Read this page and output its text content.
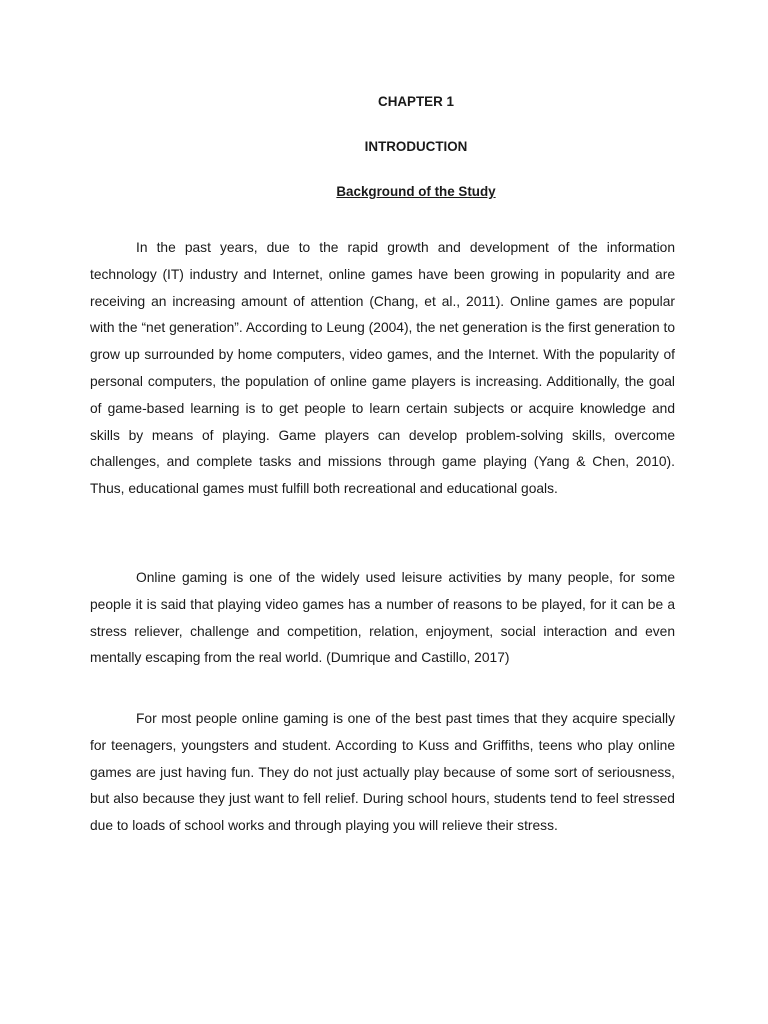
CHAPTER 1
INTRODUCTION
Background of the Study

In the past years, due to the rapid growth and development of the information technology (IT) industry and Internet, online games have been growing in popularity and are receiving an increasing amount of attention (Chang, et al., 2011). Online games are popular with the “net generation”. According to Leung (2004), the net generation is the first generation to grow up surrounded by home computers, video games, and the Internet. With the popularity of personal computers, the population of online game players is increasing. Additionally, the goal of game-based learning is to get people to learn certain subjects or acquire knowledge and skills by means of playing. Game players can develop problem-solving skills, overcome challenges, and complete tasks and missions through game playing (Yang & Chen, 2010). Thus, educational games must fulfill both recreational and educational goals.

Online gaming is one of the widely used leisure activities by many people, for some people it is said that playing video games has a number of reasons to be played, for it can be a stress reliever, challenge and competition, relation, enjoyment, social interaction and even mentally escaping from the real world. (Dumrique and Castillo, 2017)

For most people online gaming is one of the best past times that they acquire specially for teenagers, youngsters and student. According to Kuss and Griffiths, teens who play online games are just having fun. They do not just actually play because of some sort of seriousness, but also because they just want to fell relief. During school hours, students tend to feel stressed due to loads of school works and through playing you will relieve their stress.
